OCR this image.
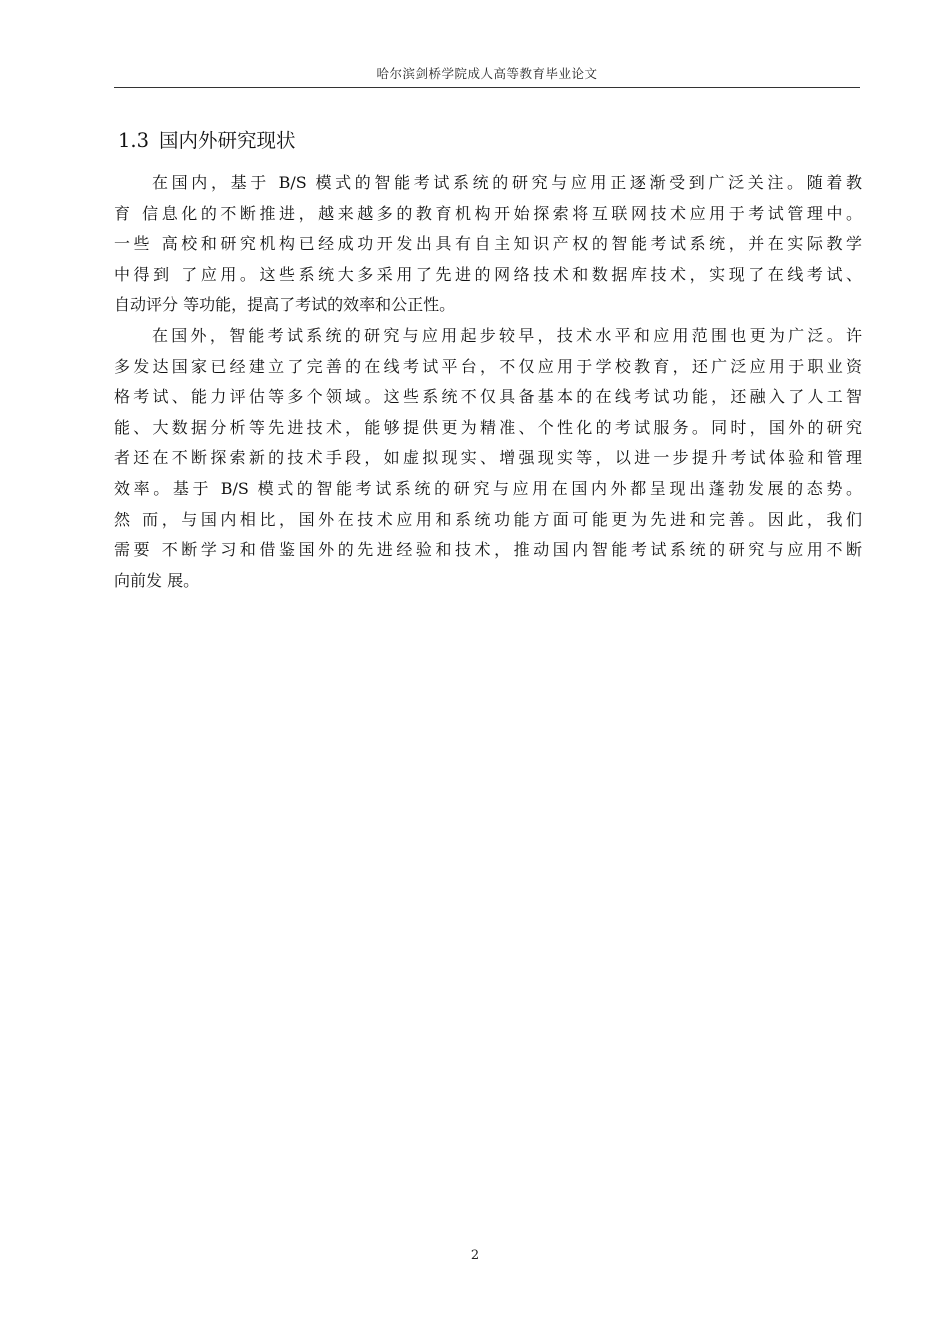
哈尔滨剑桥学院成人高等教育毕业论文
1.3 国内外研究现状
在国内，基于 B/S 模式的智能考试系统的研究与应用正逐渐受到广泛关注。随着教
育 信息化的不断推进，越来越多的教育机构开始探索将互联网技术应用于考试管理中。
一些 高校和研究机构已经成功开发出具有自主知识产权的智能考试系统，并在实际教学
中得到 了应用。这些系统大多采用了先进的网络技术和数据库技术，实现了在线考试、
自动评分 等功能，提高了考试的效率和公正性。
在国外，智能考试系统的研究与应用起步较早，技术水平和应用范围也更为广泛。许
多发达国家已经建立了完善的在线考试平台，不仅应用于学校教育，还广泛应用于职业资
格考试、能力评估等多个领域。这些系统不仅具备基本的在线考试功能，还融入了人工智
能、大数据分析等先进技术，能够提供更为精准、个性化的考试服务。同时，国外的研究
者还在不断探索新的技术手段，如虚拟现实、增强现实等，以进一步提升考试体验和管理
效率。基于 B/S 模式的智能考试系统的研究与应用在国内外都呈现出蓬勃发展的态势。
然 而，与国内相比，国外在技术应用和系统功能方面可能更为先进和完善。因此，我们
需要 不断学习和借鉴国外的先进经验和技术，推动国内智能考试系统的研究与应用不断
向前发 展。
2
